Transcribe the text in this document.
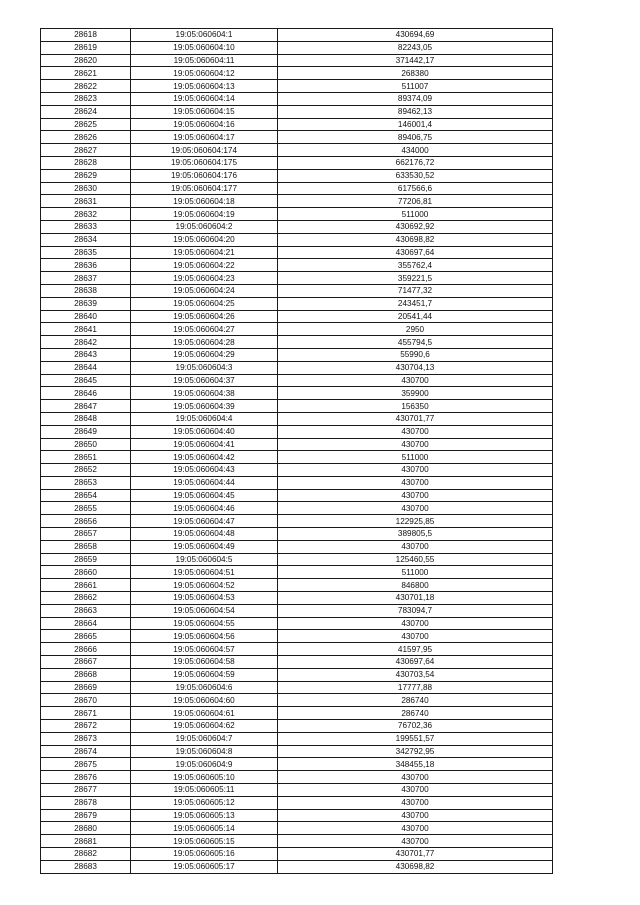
28618	19:05:060604:1	430694,69
28619	19:05:060604:10	82243,05
28620	19:05:060604:11	371442,17
28621	19:05:060604:12	268380
28622	19:05:060604:13	511007
28623	19:05:060604:14	89374,09
28624	19:05:060604:15	89462,13
28625	19:05:060604:16	146001,4
28626	19:05:060604:17	89406,75
28627	19:05:060604:174	434000
28628	19:05:060604:175	662176,72
28629	19:05:060604:176	633530,52
28630	19:05:060604:177	617566,6
28631	19:05:060604:18	77206,81
28632	19:05:060604:19	511000
28633	19:05:060604:2	430692,92
28634	19:05:060604:20	430698,82
28635	19:05:060604:21	430697,64
28636	19:05:060604:22	355762,4
28637	19:05:060604:23	359221,5
28638	19:05:060604:24	71477,32
28639	19:05:060604:25	243451,7
28640	19:05:060604:26	20541,44
28641	19:05:060604:27	2950
28642	19:05:060604:28	455794,5
28643	19:05:060604:29	55990,6
28644	19:05:060604:3	430704,13
28645	19:05:060604:37	430700
28646	19:05:060604:38	359900
28647	19:05:060604:39	156350
28648	19:05:060604:4	430701,77
28649	19:05:060604:40	430700
28650	19:05:060604:41	430700
28651	19:05:060604:42	511000
28652	19:05:060604:43	430700
28653	19:05:060604:44	430700
28654	19:05:060604:45	430700
28655	19:05:060604:46	430700
28656	19:05:060604:47	122925,85
28657	19:05:060604:48	389805,5
28658	19:05:060604:49	430700
28659	19:05:060604:5	125460,55
28660	19:05:060604:51	511000
28661	19:05:060604:52	846800
28662	19:05:060604:53	430701,18
28663	19:05:060604:54	783094,7
28664	19:05:060604:55	430700
28665	19:05:060604:56	430700
28666	19:05:060604:57	41597,95
28667	19:05:060604:58	430697,64
28668	19:05:060604:59	430703,54
28669	19:05:060604:6	17777,88
28670	19:05:060604:60	286740
28671	19:05:060604:61	286740
28672	19:05:060604:62	76702,36
28673	19:05:060604:7	199551,57
28674	19:05:060604:8	342792,95
28675	19:05:060604:9	348455,18
28676	19:05:060605:10	430700
28677	19:05:060605:11	430700
28678	19:05:060605:12	430700
28679	19:05:060605:13	430700
28680	19:05:060605:14	430700
28681	19:05:060605:15	430700
28682	19:05:060605:16	430701,77
28683	19:05:060605:17	430698,82
